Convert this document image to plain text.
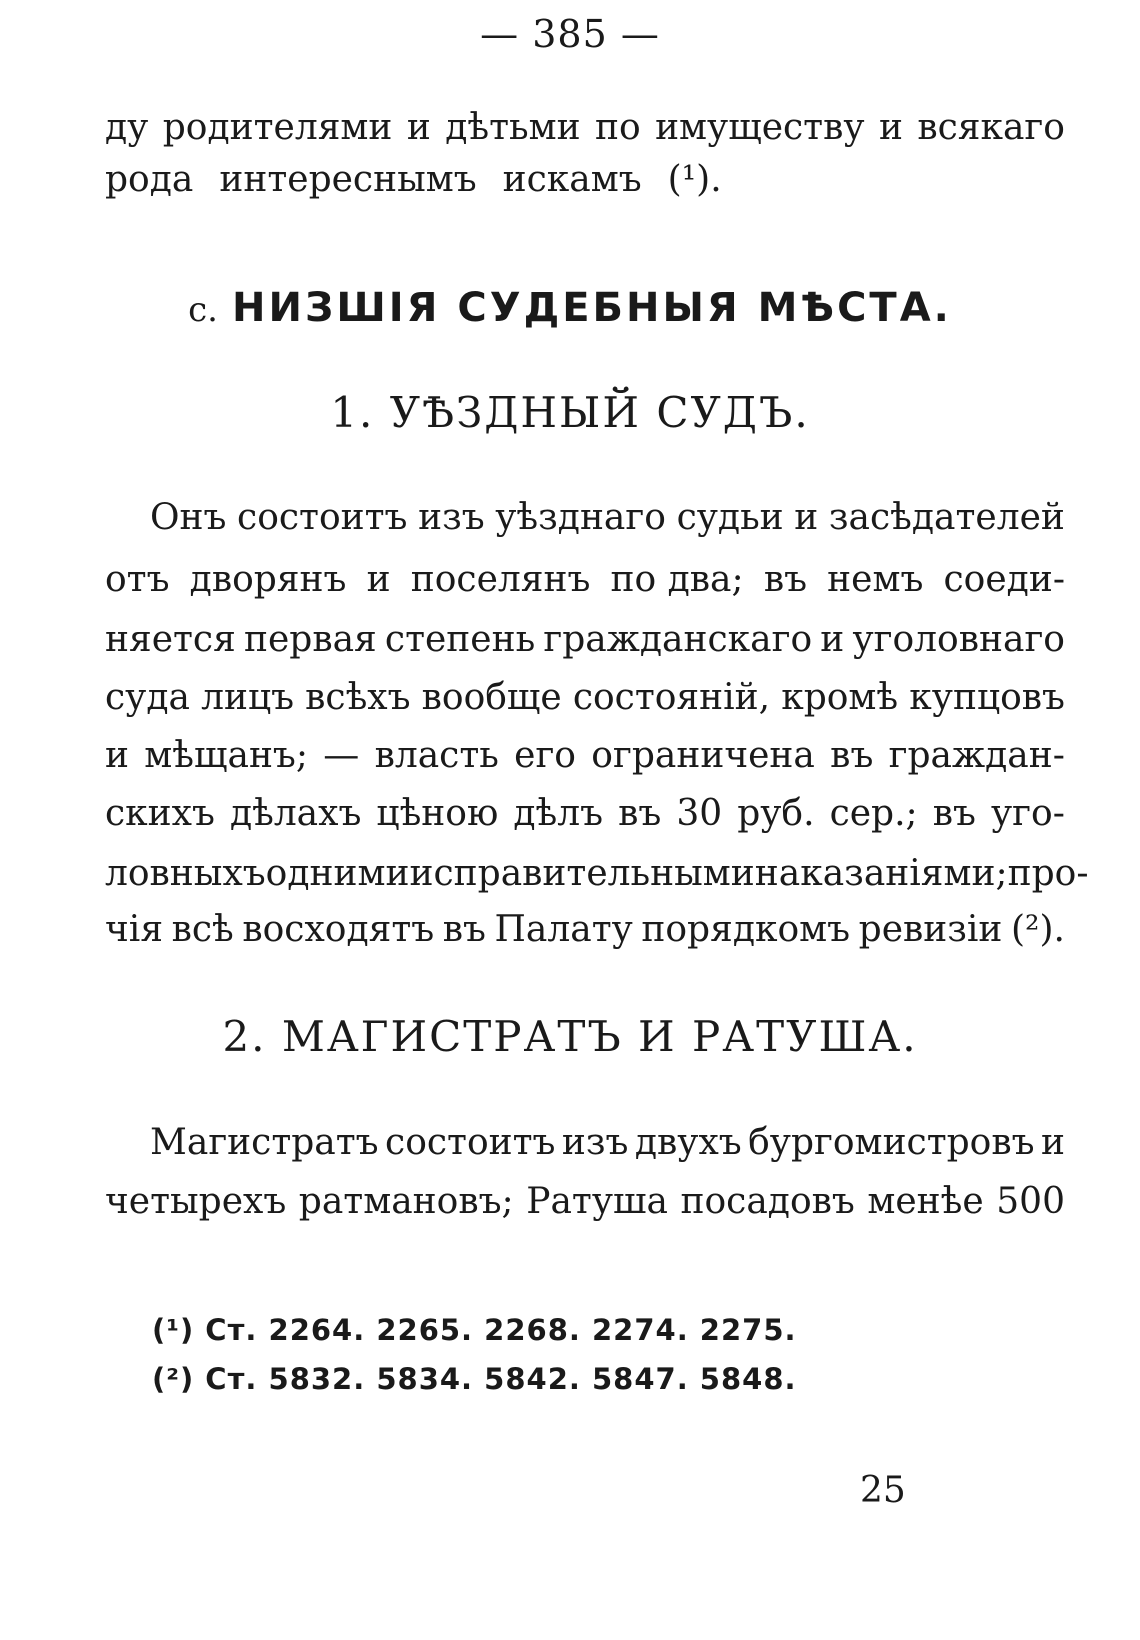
— 385 —
ду родителями и дѣтьми по имуществу и всякаго
рода интереснымъ искамъ (¹).
с. НИЗШІЯ СУДЕБНЫЯ МѢСТА.
1. УѢЗДНЫЙ СУДЪ.
Онъ состоитъ изъ уѣзднаго судьи и засѣдателей
отъ дворянъ и поселянъ по два; въ немъ соеди-
няется первая степень гражданскаго и уголовнаго
суда лицъ всѣхъ вообще состояній, кромѣ купцовъ
и мѣщанъ; — власть его ограничена въ граждан-
скихъ дѣлахъ цѣною дѣлъ въ 30 руб. сер.; въ уго-
ловныхъ одними исправительными наказаніями; про-
чія всѣ восходятъ въ Палату порядкомъ ревизіи (²).
2. МАГИСТРАТЪ И РАТУША.
Магистратъ состоитъ изъ двухъ бургомистровъ и
четырехъ ратмановъ; Ратуша посадовъ менѣе 500
(¹) Ст. 2264. 2265. 2268. 2274. 2275.
(²) Ст. 5832. 5834. 5842. 5847. 5848.
25
